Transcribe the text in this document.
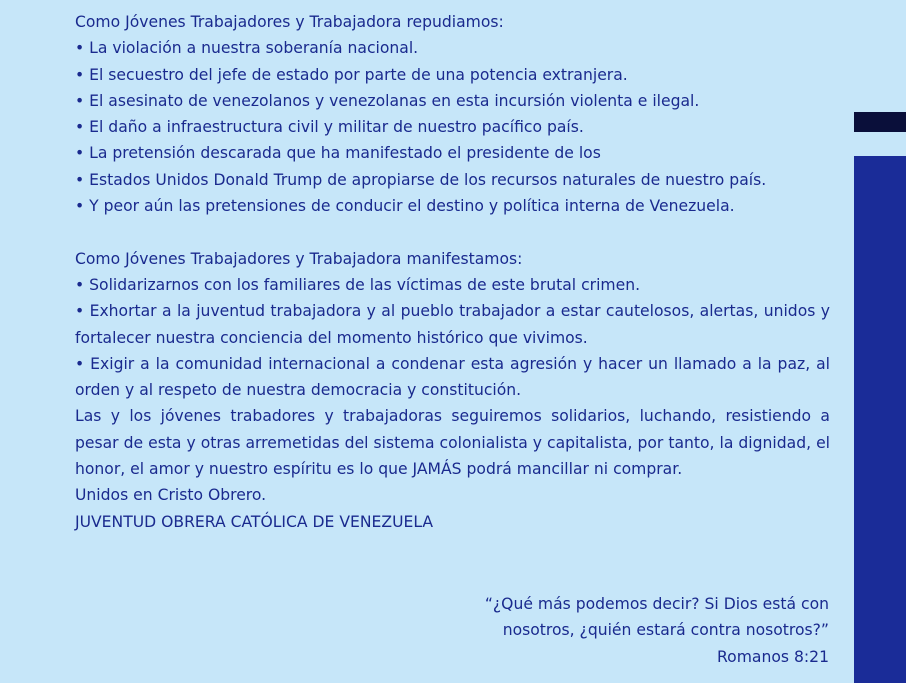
Como Jóvenes Trabajadores y Trabajadora repudiamos:
• La violación a nuestra soberanía nacional.
• El secuestro del jefe de estado por parte de una potencia extranjera.
• El asesinato de venezolanos y venezolanas en esta incursión violenta e ilegal.
• El daño a infraestructura civil y militar de nuestro pacífico país.
• La pretensión descarada que ha manifestado el presidente de los
• Estados Unidos Donald Trump de apropiarse de los recursos naturales de nuestro país.
• Y peor aún las pretensiones de conducir el destino y política interna de Venezuela.
Como Jóvenes Trabajadores y Trabajadora manifestamos:
• Solidarizarnos con los familiares de las víctimas de este brutal crimen.
• Exhortar a la juventud trabajadora y al pueblo trabajador a estar cautelosos, alertas, unidos y fortalecer nuestra conciencia del momento histórico que vivimos.
• Exigir a la comunidad internacional a condenar esta agresión y hacer un llamado a la paz, al orden y al respeto de nuestra democracia y constitución.
Las y los jóvenes trabadores y trabajadoras seguiremos solidarios, luchando, resistiendo a pesar de esta y otras arremetidas del sistema colonialista y capitalista, por tanto, la dignidad, el honor, el amor y nuestro espíritu es lo que JAMÁS podrá mancillar ni comprar.
Unidos en Cristo Obrero.
JUVENTUD OBRERA CATÓLICA DE VENEZUELA
“¿Qué más podemos decir? Si Dios está con
nosotros, ¿quién estará contra nosotros?”
Romanos 8:21
